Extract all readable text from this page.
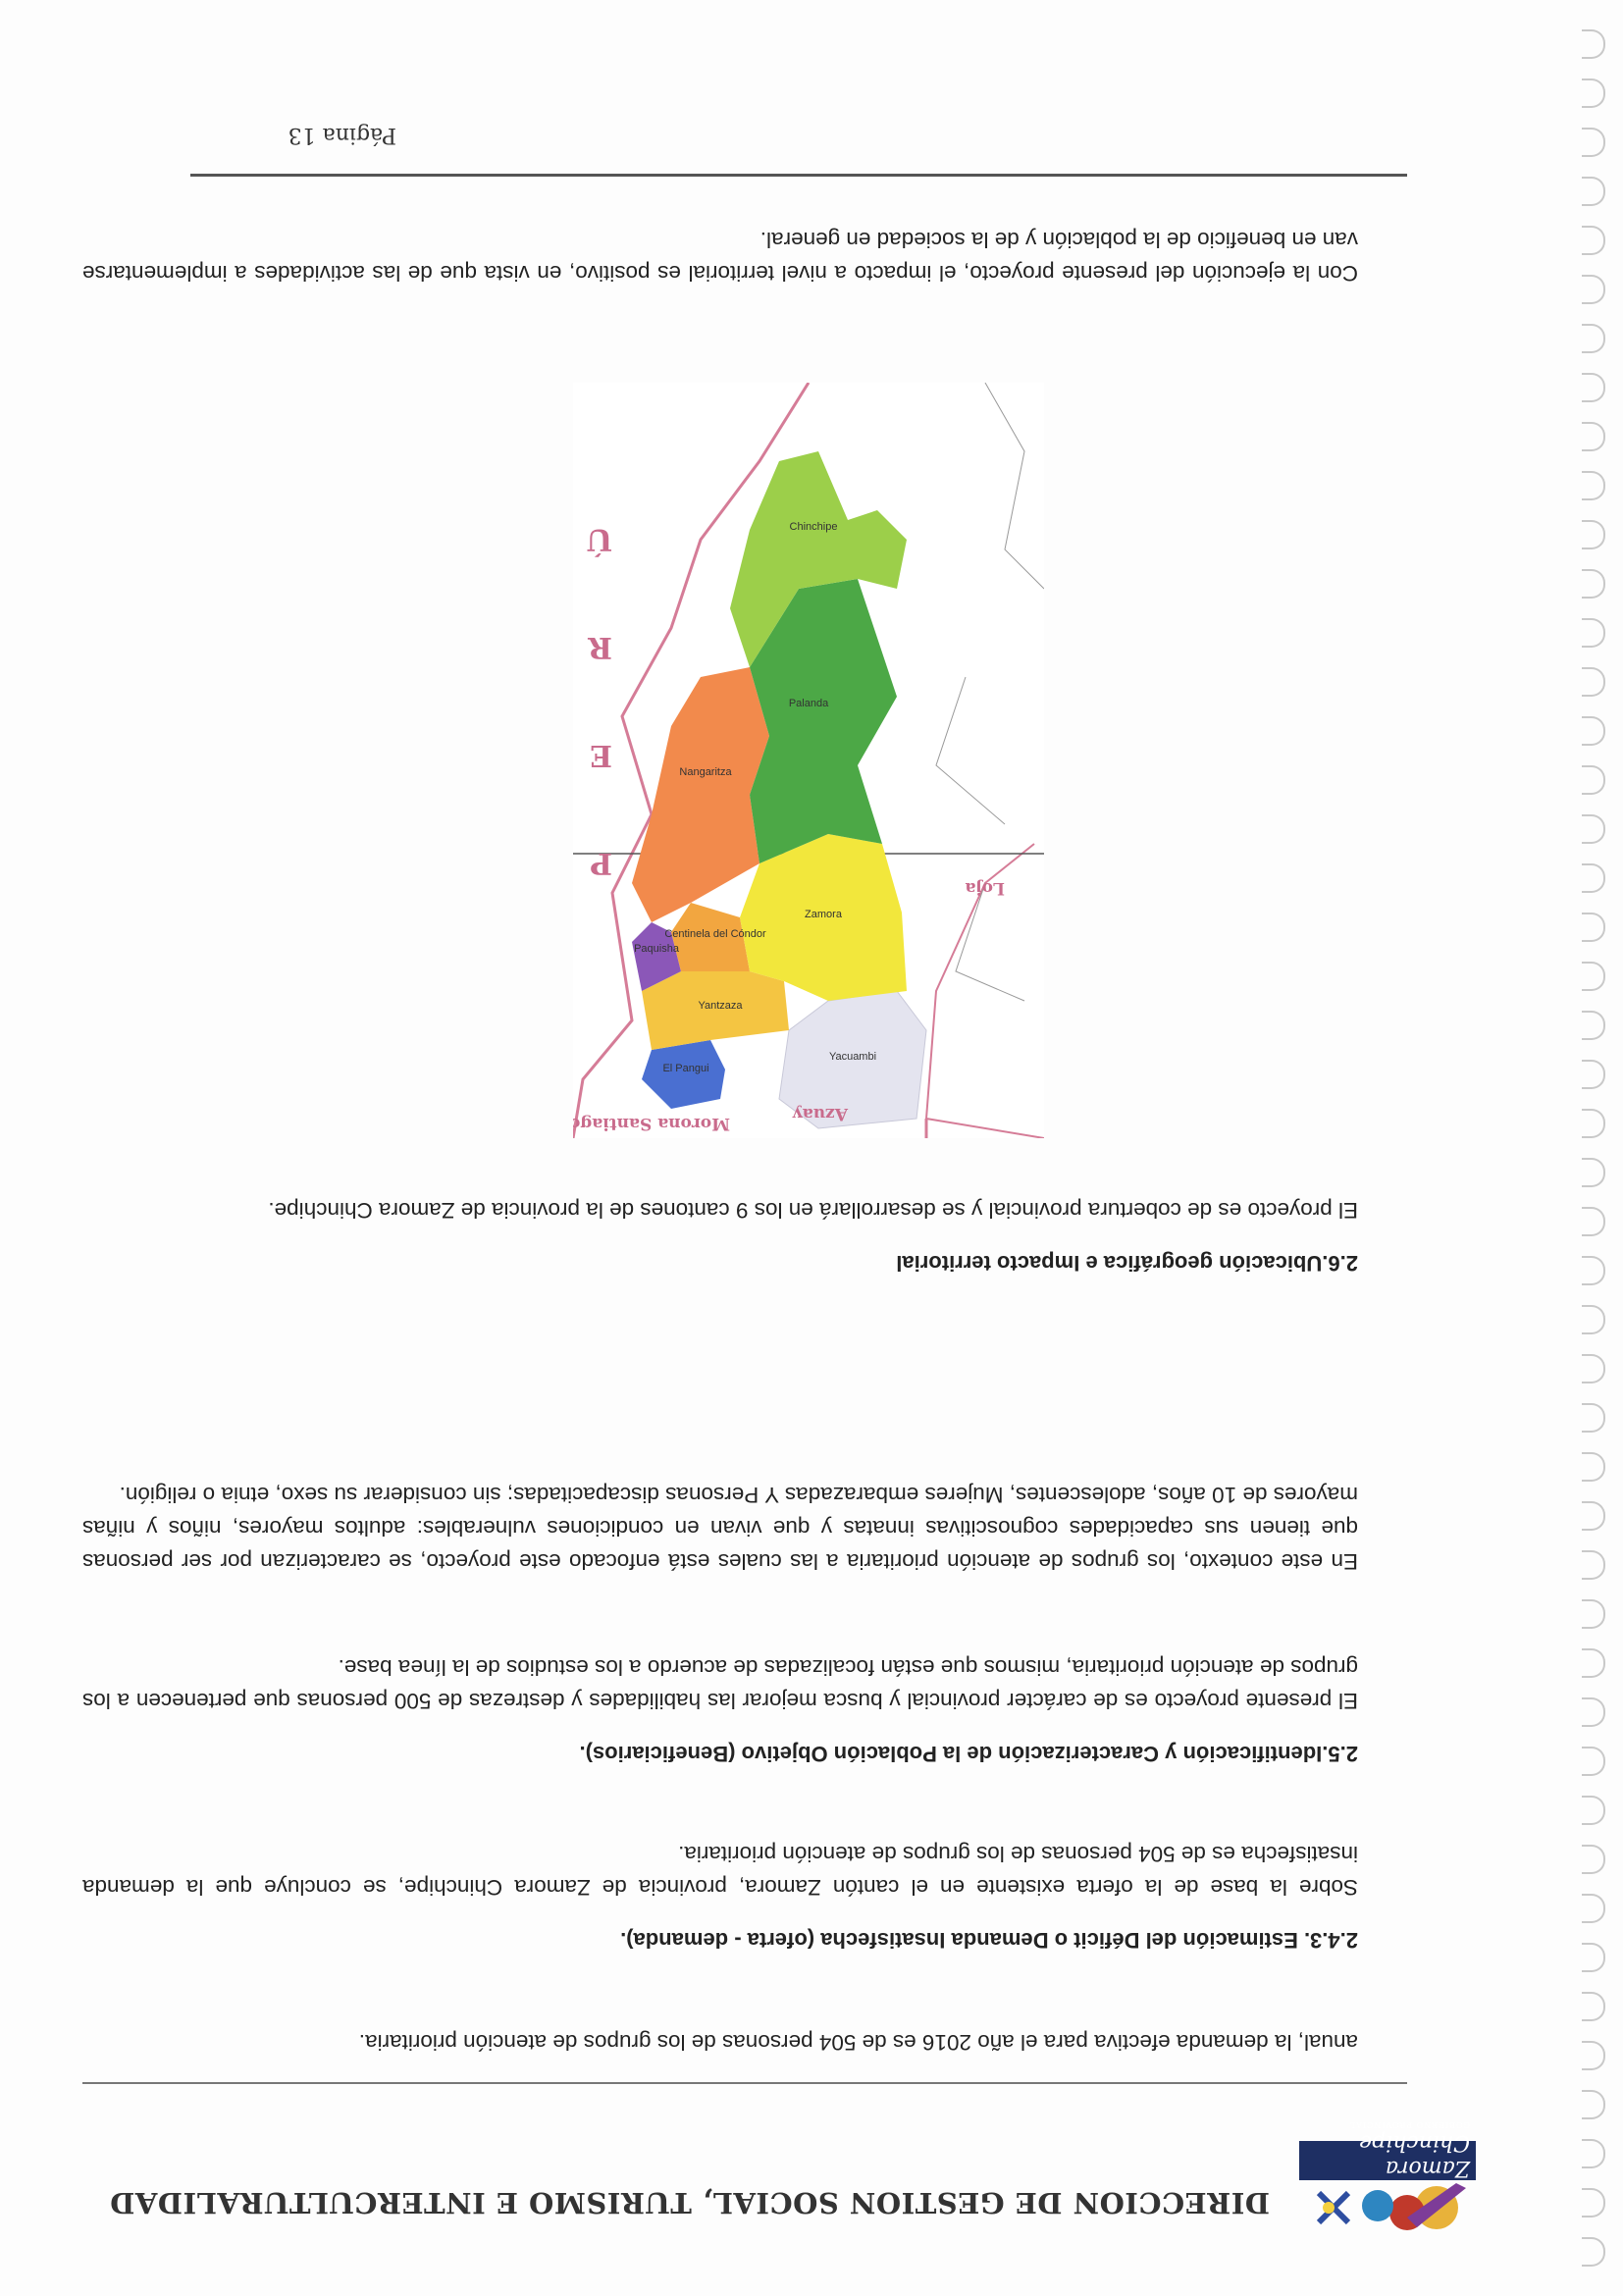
Zamora Chinchipe
GOBIERNO PROVINCIAL
DIRECCION DE GESTION SOCIAL, TURISMO E INTERCULTURALIDAD
anual, la demanda efectiva para el año 2016 es de 504 personas de los grupos de atención prioritaria.
2.4.3. Estimación del Déficit o Demanda Insatisfecha (oferta - demanda).
Sobre la base de la oferta existente en el cantón Zamora, provincia de Zamora Chinchipe, se concluye que la demanda insatisfecha es de 504 personas de los grupos de atención prioritaria.
2.5.Identificación y Caracterización de la Población Objetivo (Beneficiarios).
El presente proyecto es de carácter provincial y busca mejorar las habilidades y destrezas de 500 personas que pertenecen a los grupos de atención prioritaria, mismos que están focalizadas de acuerdo a los estudios de la línea base.
En este contexto, los grupos de atención prioritaria a las cuales está enfocado este proyecto, se caracterizan por ser personas que tienen sus capacidades cognoscitivas innatas y que vivan en condiciones vulnerables: adultos mayores, niños y niñas mayores de 10 años, adolescentes, Mujeres embarazadas Y Personas discapacitadas; sin considerar su sexo, etnia o religión.
2.6.Ubicación geográfica e Impacto territorial
El proyecto es de cobertura provincial y se desarrollará en los 9 cantones de la provincia de Zamora Chinchipe.
El Pangui
Yacuambi
Yantzaza
Paquisha
Centinela del Cóndor
Zamora
Nangaritza
Palanda
Chinchipe
Azuay
Morona Santiago
Loja
P
E
R
Ú
Con la ejecución del presente proyecto, el impacto a nivel territorial es positivo, en vista que de las actividades a implementarse van en beneficio de la población y de la sociedad en general.
Página 13
